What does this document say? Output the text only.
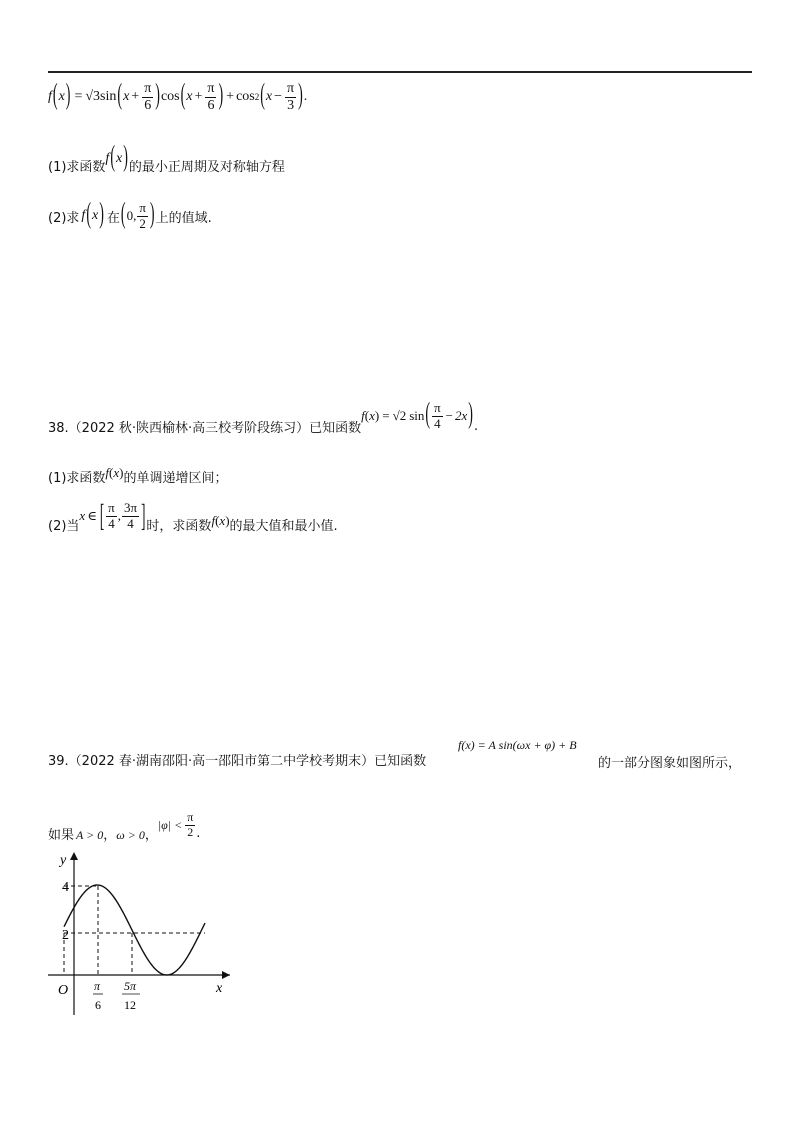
f ( x ) = √3 sin ( $x + \frac{\pi}{6}$ ) cos ( $x + \frac{\pi}{6}$ ) + cos 2 ( $x - \frac{\pi}{3}$ ) .
(1)求函数
f(x) 的最小正周期及对称轴方程
(2)求 f(x) 在 ( 0 , $\frac{\pi}{2}$ ) 上的值域.
38.（2022 秋·陕西榆林·高三校考阶段练习）已知函数
f ( x ) = √2 sin ( $\frac{\pi}{4} - 2x$ ) .
(1)求函数 f(x) 的单调递增区间；
(2)当
x ∈ [ $\frac{\pi}{4}$ , $\frac{3\pi}{4}$ ] 时，求函数 f(x) 的最大值和最小值.
39.（2022 春·湖南邵阳·高一邵阳市第二中学校考期末）已知函数
f(x) = A sin(ωx + φ) + B
的一部分图象如图所示，
如果 A > 0 ， ω > 0 ，
$|\varphi| < \frac{\pi}{2}$ .
y
x
O
4
2
π
6
5π
12
